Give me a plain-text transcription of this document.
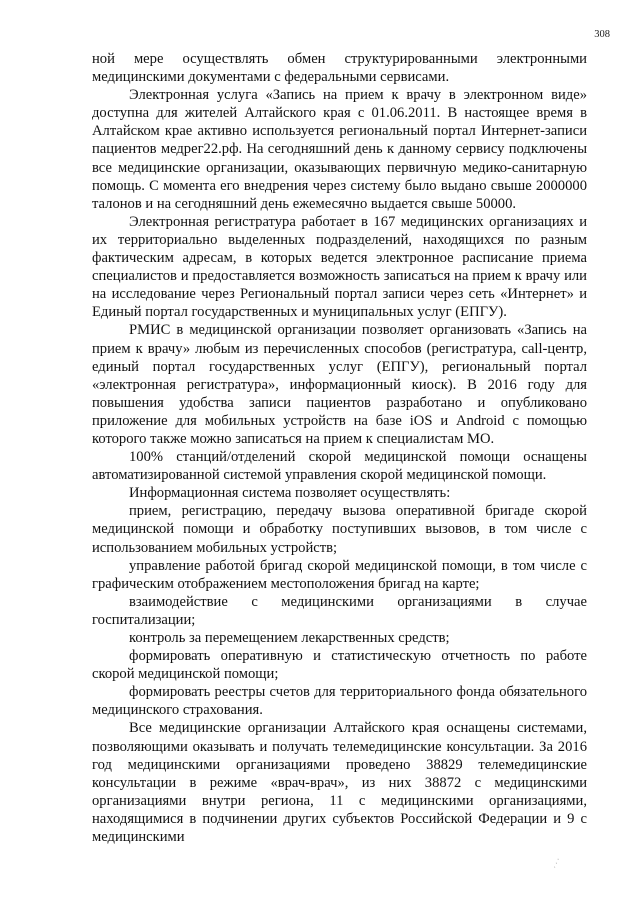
308

ной мере осуществлять обмен структурированными электронными медицинскими документами с федеральными сервисами.

Электронная услуга «Запись на прием к врачу в электронном виде» доступна для жителей Алтайского края с 01.06.2011. В настоящее время в Алтайском крае активно используется региональный портал Интернет-записи пациентов медрег22.рф. На сегодняшний день к данному сервису подключены все медицинские организации, оказывающих первичную медико-санитарную помощь. С момента его внедрения через систему было выдано свыше 2000000 талонов и на сегодняшний день ежемесячно выдается свыше 50000.

Электронная регистратура работает в 167 медицинских организациях и их территориально выделенных подразделений, находящихся по разным фактическим адресам, в которых ведется электронное расписание приема специалистов и предоставляется возможность записаться на прием к врачу или на исследование через Региональный портал записи через сеть «Интернет» и Единый портал государственных и муниципальных услуг (ЕПГУ).

РМИС в медицинской организации позволяет организовать «Запись на прием к врачу» любым из перечисленных способов (регистратура, call-центр, единый портал государственных услуг (ЕПГУ), региональный портал «электронная регистратура», информационный киоск). В 2016 году для повышения удобства записи пациентов разработано и опубликовано приложение для мобильных устройств на базе iOS и Android с помощью которого также можно записаться на прием к специалистам МО.

100% станций/отделений скорой медицинской помощи оснащены автоматизированной системой управления скорой медицинской помощи.

Информационная система позволяет осуществлять:

прием, регистрацию, передачу вызова оперативной бригаде скорой медицинской помощи и обработку поступивших вызовов, в том числе с использованием мобильных устройств;

управление работой бригад скорой медицинской помощи, в том числе с графическим отображением местоположения бригад на карте;

взаимодействие с медицинскими организациями в случае госпитализации;

контроль за перемещением лекарственных средств;

формировать оперативную и статистическую отчетность по работе скорой медицинской помощи;

формировать реестры счетов для территориального фонда обязательного медицинского страхования.

Все медицинские организации Алтайского края оснащены системами, позволяющими оказывать и получать телемедицинские консультации. За 2016 год медицинскими организациями проведено 38829 телемедицинские консультации в режиме «врач-врач», из них 38872 с медицинскими организациями внутри региона, 11 с медицинскими организациями, находящимися в подчинении других субъектов Российской Федерации и 9 с медицинскими

⋰
